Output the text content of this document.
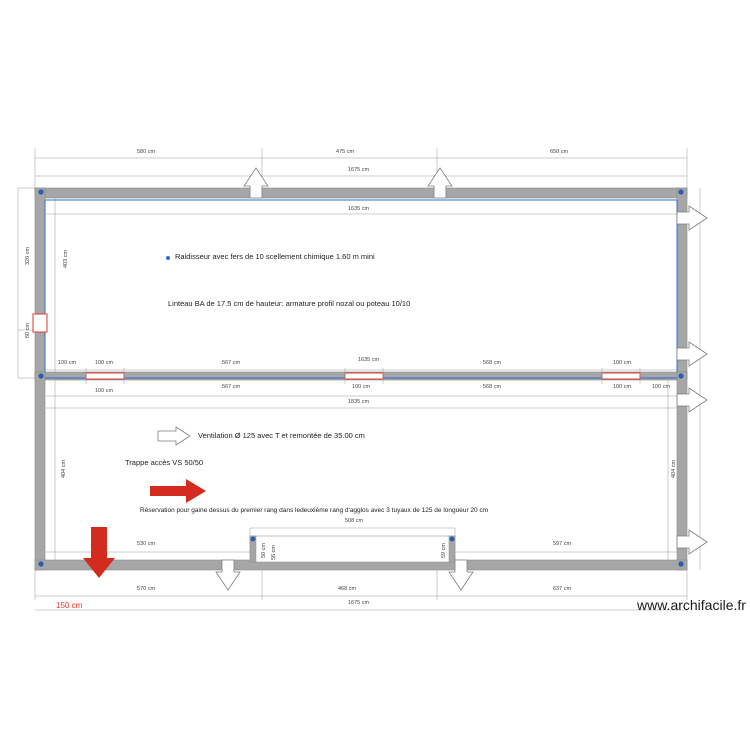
580 cm	475 cm	650 cm
1675 cm
1635 cm
320 cm	403 cm
60 cm
404 cm	404 cm
100 cm	100 cm	567 cm	1635 cm	568 cm	100 cm
100 cm
567 cm	100 cm	568 cm	100 cm	100 cm
1835 cm
530 cm
508 cm
597 cm
570 cm	468 cm	637 cm
1675 cm
50 cm 56 cm	59 cm
150 cm
Raidisseur avec fers de 10 scellement chimique 1.60 m mini
Linteau BA de 17.5 cm de hauteur: armature profil nozal ou poteau 10/10
Ventilation Ø 125 avec T et remontée de 35.00 cm
Trappe accès VS 50/50
Réservation pour gaine dessus du premier rang dans ledeuxième rang d'agglos avec 3 tuyaux de 125 de longueur 20 cm
www.archifacile.fr
